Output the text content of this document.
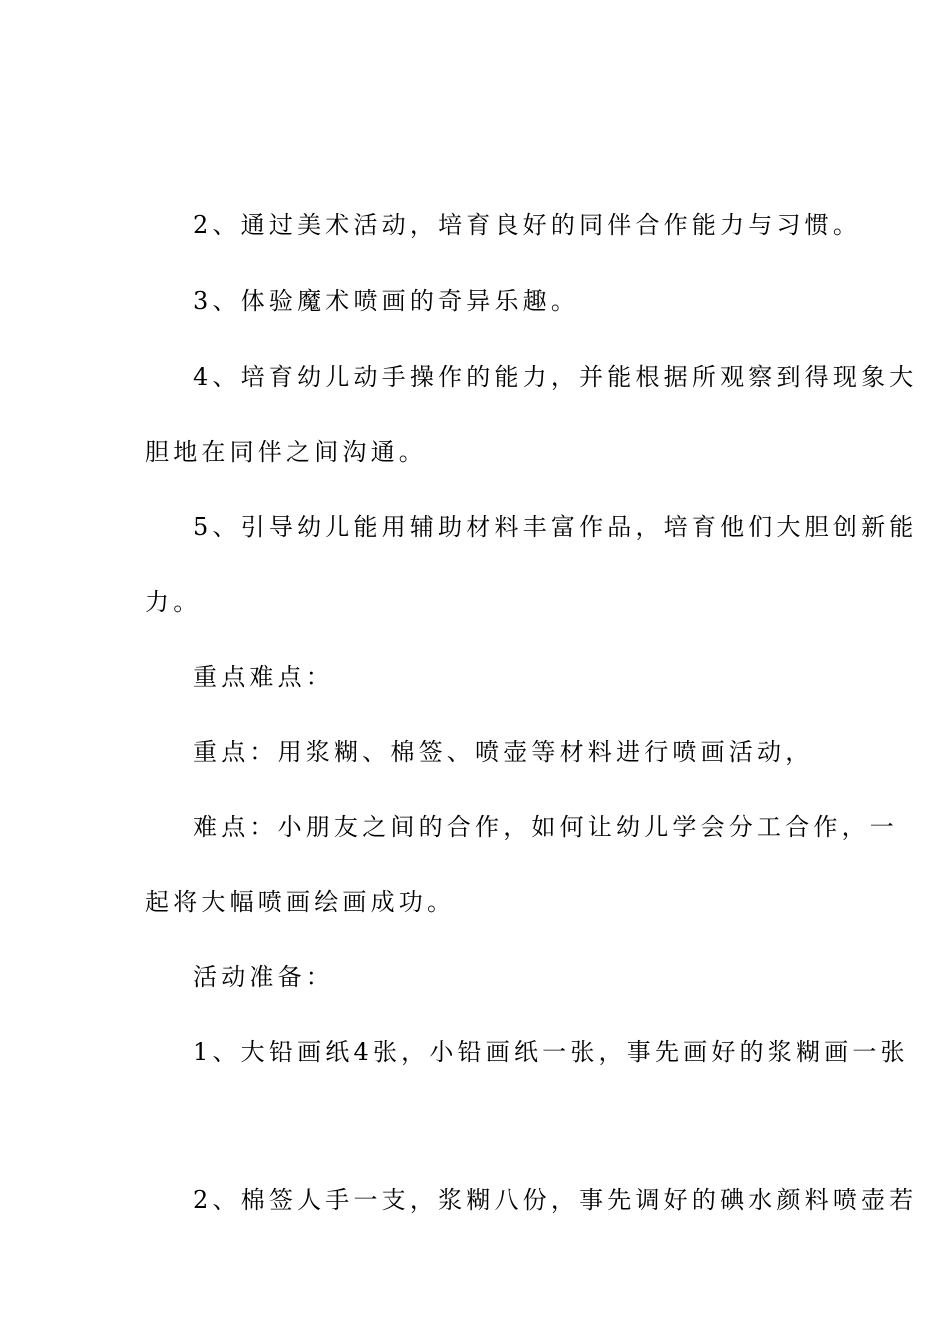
2、通过美术活动，培育良好的同伴合作能力与习惯。
3、体验魔术喷画的奇异乐趣。
4、培育幼儿动手操作的能力，并能根据所观察到得现象大
胆地在同伴之间沟通。
5、引导幼儿能用辅助材料丰富作品，培育他们大胆创新能
力。
重点难点：
重点：用浆糊、棉签、喷壶等材料进行喷画活动，
难点：小朋友之间的合作，如何让幼儿学会分工合作，一
起将大幅喷画绘画成功。
活动准备：
1、大铅画纸4张，小铅画纸一张，事先画好的浆糊画一张
2、棉签人手一支，浆糊八份，事先调好的碘水颜料喷壶若
